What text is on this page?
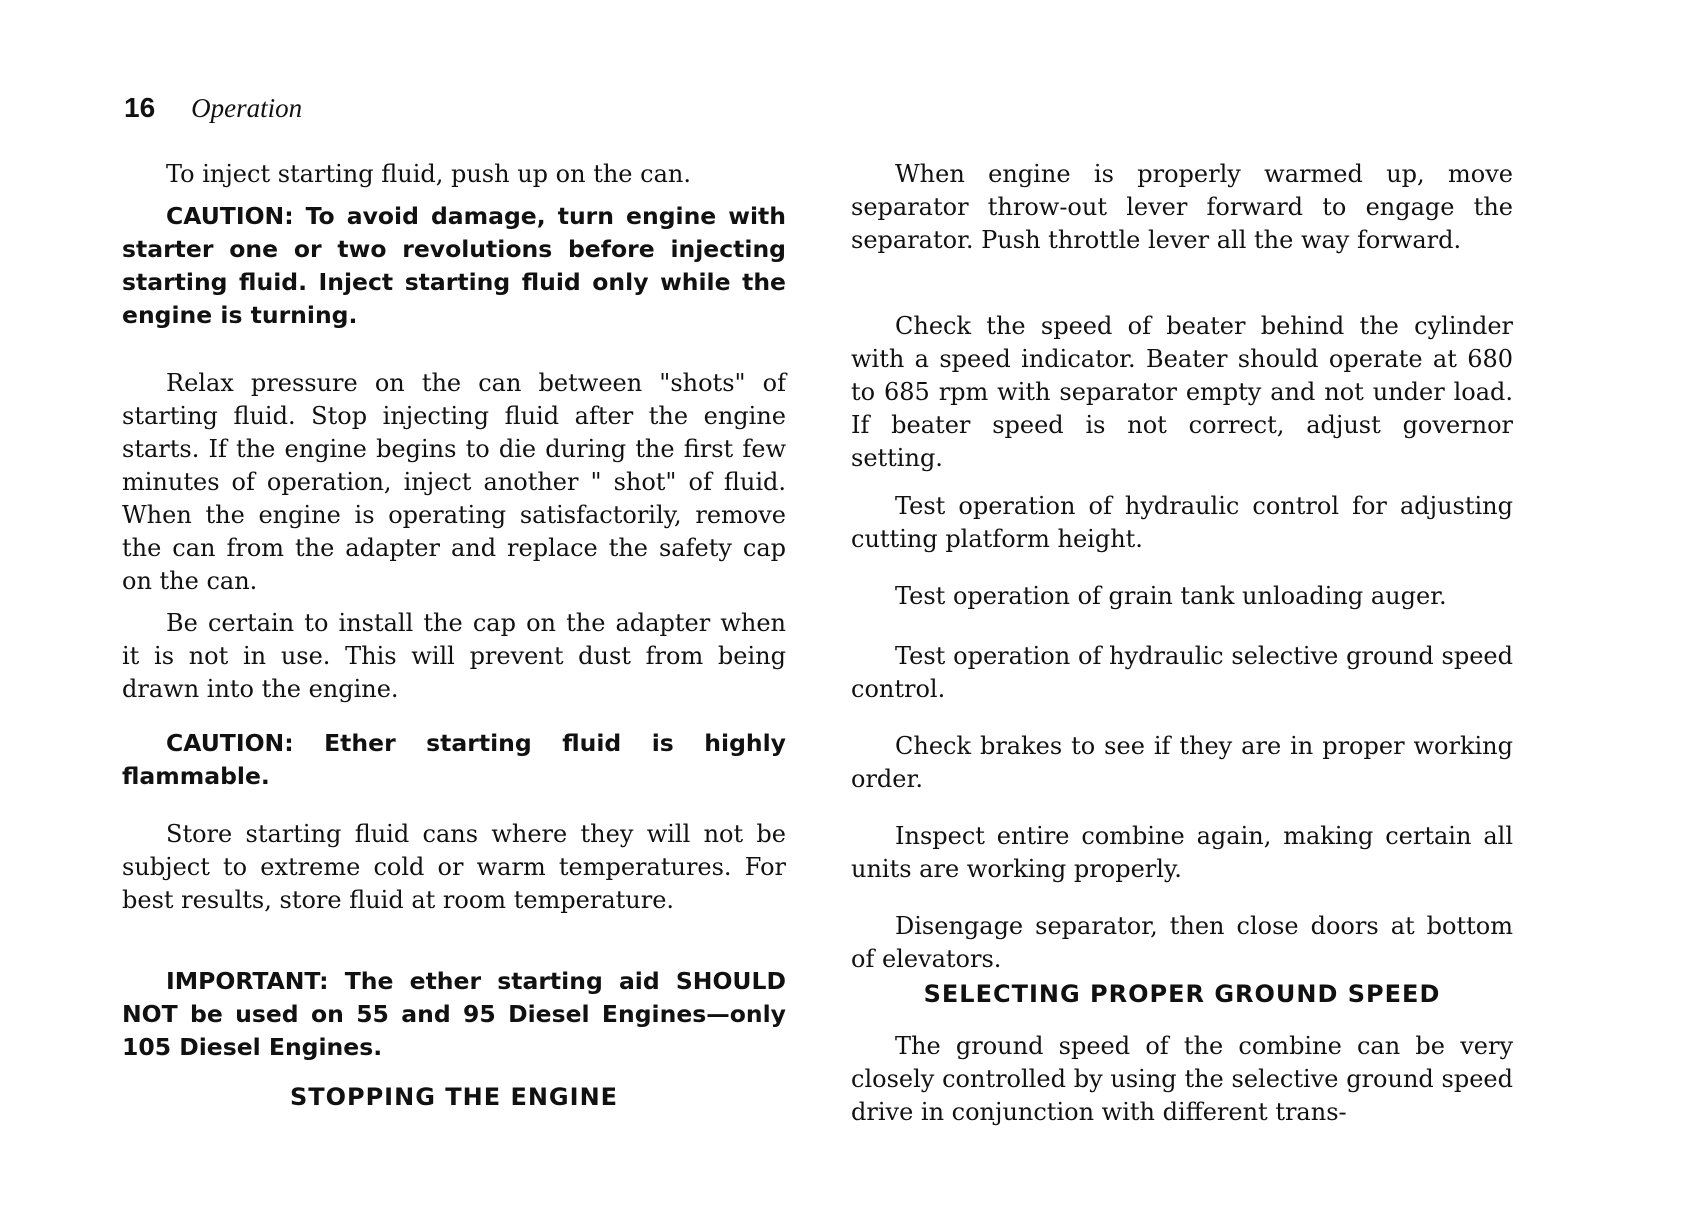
16 Operation

To inject starting fluid, push up on the can.

CAUTION: To avoid damage, turn engine with starter one or two revolutions before injecting starting fluid. Inject starting fluid only while the engine is turning.

Relax pressure on the can between "shots" of starting fluid. Stop injecting fluid after the engine starts. If the engine begins to die during the first few minutes of operation, inject another " shot" of fluid. When the engine is operating satisfactorily, remove the can from the adapter and replace the safety cap on the can.

Be certain to install the cap on the adapter when it is not in use. This will prevent dust from being drawn into the engine.

CAUTION: Ether starting fluid is highly flammable.

Store starting fluid cans where they will not be subject to extreme cold or warm temperatures. For best results, store fluid at room temperature.

IMPORTANT: The ether starting aid SHOULD NOT be used on 55 and 95 Diesel Engines—only 105 Diesel Engines.

STOPPING THE ENGINE

When engine is properly warmed up, move separator throw-out lever forward to engage the separator. Push throttle lever all the way forward.

Check the speed of beater behind the cylinder with a speed indicator. Beater should operate at 680 to 685 rpm with separator empty and not under load. If beater speed is not correct, adjust governor setting.

Test operation of hydraulic control for adjusting cutting platform height.

Test operation of grain tank unloading auger.

Test operation of hydraulic selective ground speed control.

Check brakes to see if they are in proper working order.

Inspect entire combine again, making certain all units are working properly.

Disengage separator, then close doors at bottom of elevators.

SELECTING PROPER GROUND SPEED

The ground speed of the combine can be very closely controlled by using the selective ground speed drive in conjunction with different trans-
